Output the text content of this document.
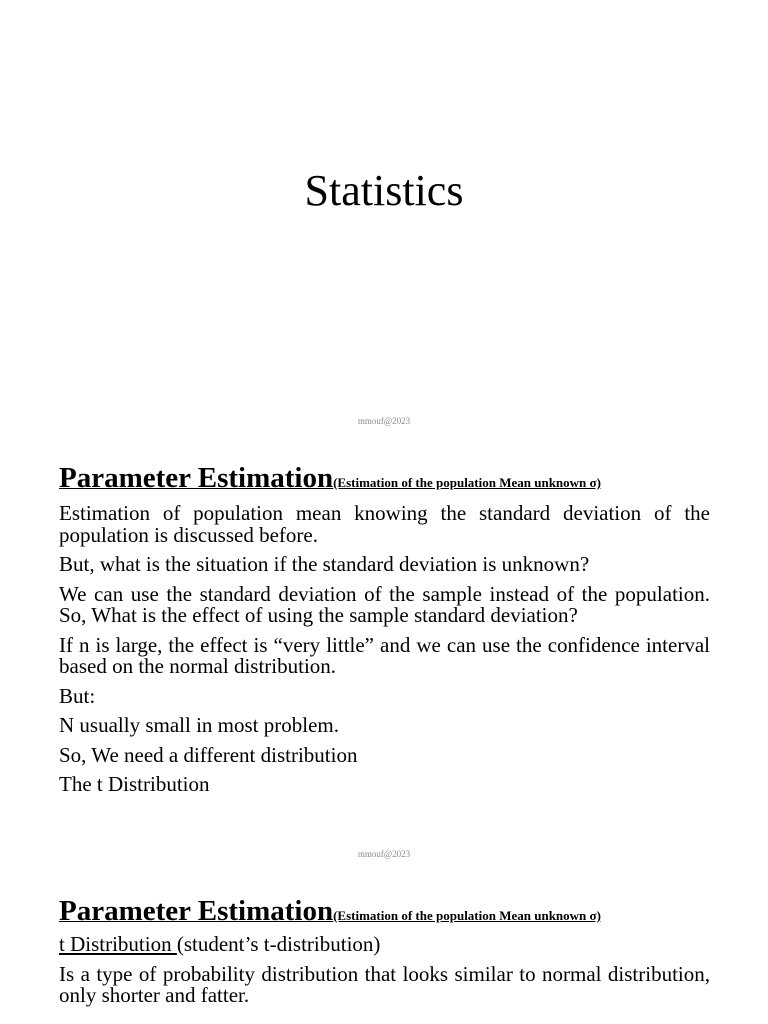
Statistics
mmouf@2023

Parameter Estimation(Estimation of the population Mean unknown σ)

Estimation of population mean knowing the standard deviation of the population is discussed before.

But, what is the situation if the standard deviation is unknown?

We can use the standard deviation of the sample instead of the population. So, What is the effect of using the sample standard deviation?

If n is large, the effect is “very little” and we can use the confidence interval based on the normal distribution.

But:

N usually small in most problem.

So, We need a different distribution

The t Distribution

mmouf@2023

Parameter Estimation(Estimation of the population Mean unknown σ)

t Distribution (student’s t-distribution)

Is a type of probability distribution that looks similar to normal distribution, only shorter and fatter.
